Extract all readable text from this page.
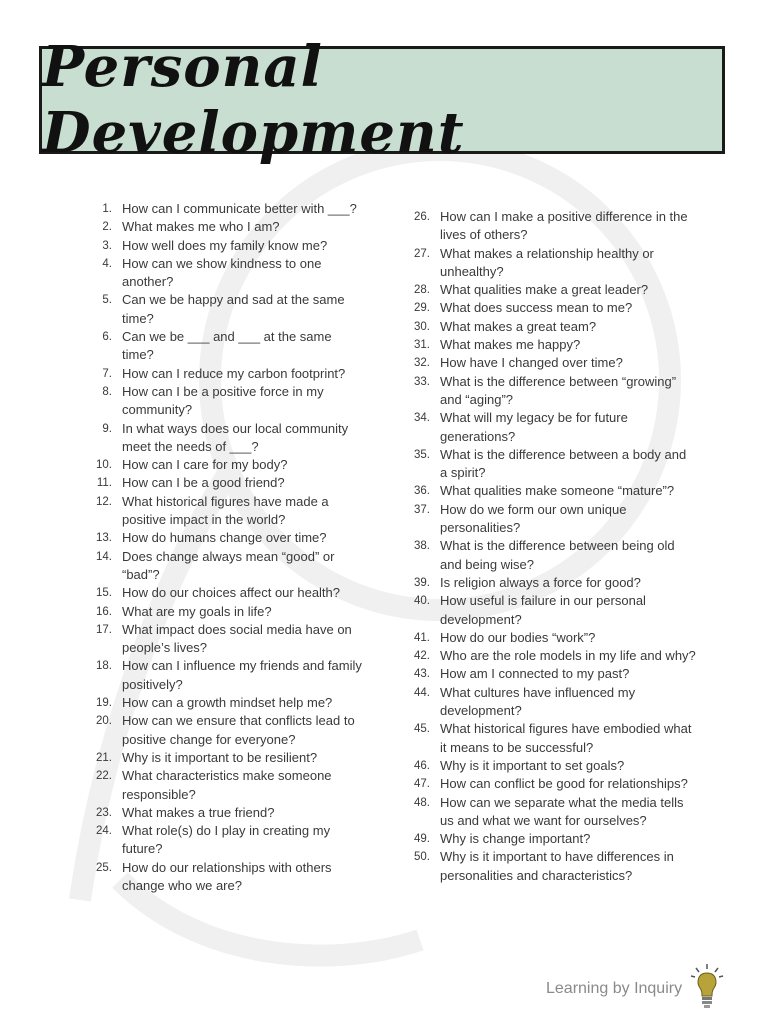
Personal Development
1. How can I communicate better with ___?
2. What makes me who I am?
3. How well does my family know me?
4. How can we show kindness to one another?
5. Can we be happy and sad at the same time?
6. Can we be ___ and ___ at the same time?
7. How can I reduce my carbon footprint?
8. How can I be a positive force in my community?
9. In what ways does our local community meet the needs of ___?
10. How can I care for my body?
11. How can I be a good friend?
12. What historical figures have made a positive impact in the world?
13. How do humans change over time?
14. Does change always mean “good” or “bad”?
15. How do our choices affect our health?
16. What are my goals in life?
17. What impact does social media have on people’s lives?
18. How can I influence my friends and family positively?
19. How can a growth mindset help me?
20. How can we ensure that conflicts lead to positive change for everyone?
21. Why is it important to be resilient?
22. What characteristics make someone responsible?
23. What makes a true friend?
24. What role(s) do I play in creating my future?
25. How do our relationships with others change who we are?
26. How can I make a positive difference in the lives of others?
27. What makes a relationship healthy or unhealthy?
28. What qualities make a great leader?
29. What does success mean to me?
30. What makes a great team?
31. What makes me happy?
32. How have I changed over time?
33. What is the difference between “growing” and “aging”?
34. What will my legacy be for future generations?
35. What is the difference between a body and a spirit?
36. What qualities make someone “mature”?
37. How do we form our own unique personalities?
38. What is the difference between being old and being wise?
39. Is religion always a force for good?
40. How useful is failure in our personal development?
41. How do our bodies “work”?
42. Who are the role models in my life and why?
43. How am I connected to my past?
44. What cultures have influenced my development?
45. What historical figures have embodied what it means to be successful?
46. Why is it important to set goals?
47. How can conflict be good for relationships?
48. How can we separate what the media tells us and what we want for ourselves?
49. Why is change important?
50. Why is it important to have differences in personalities and characteristics?
Learning by Inquiry
